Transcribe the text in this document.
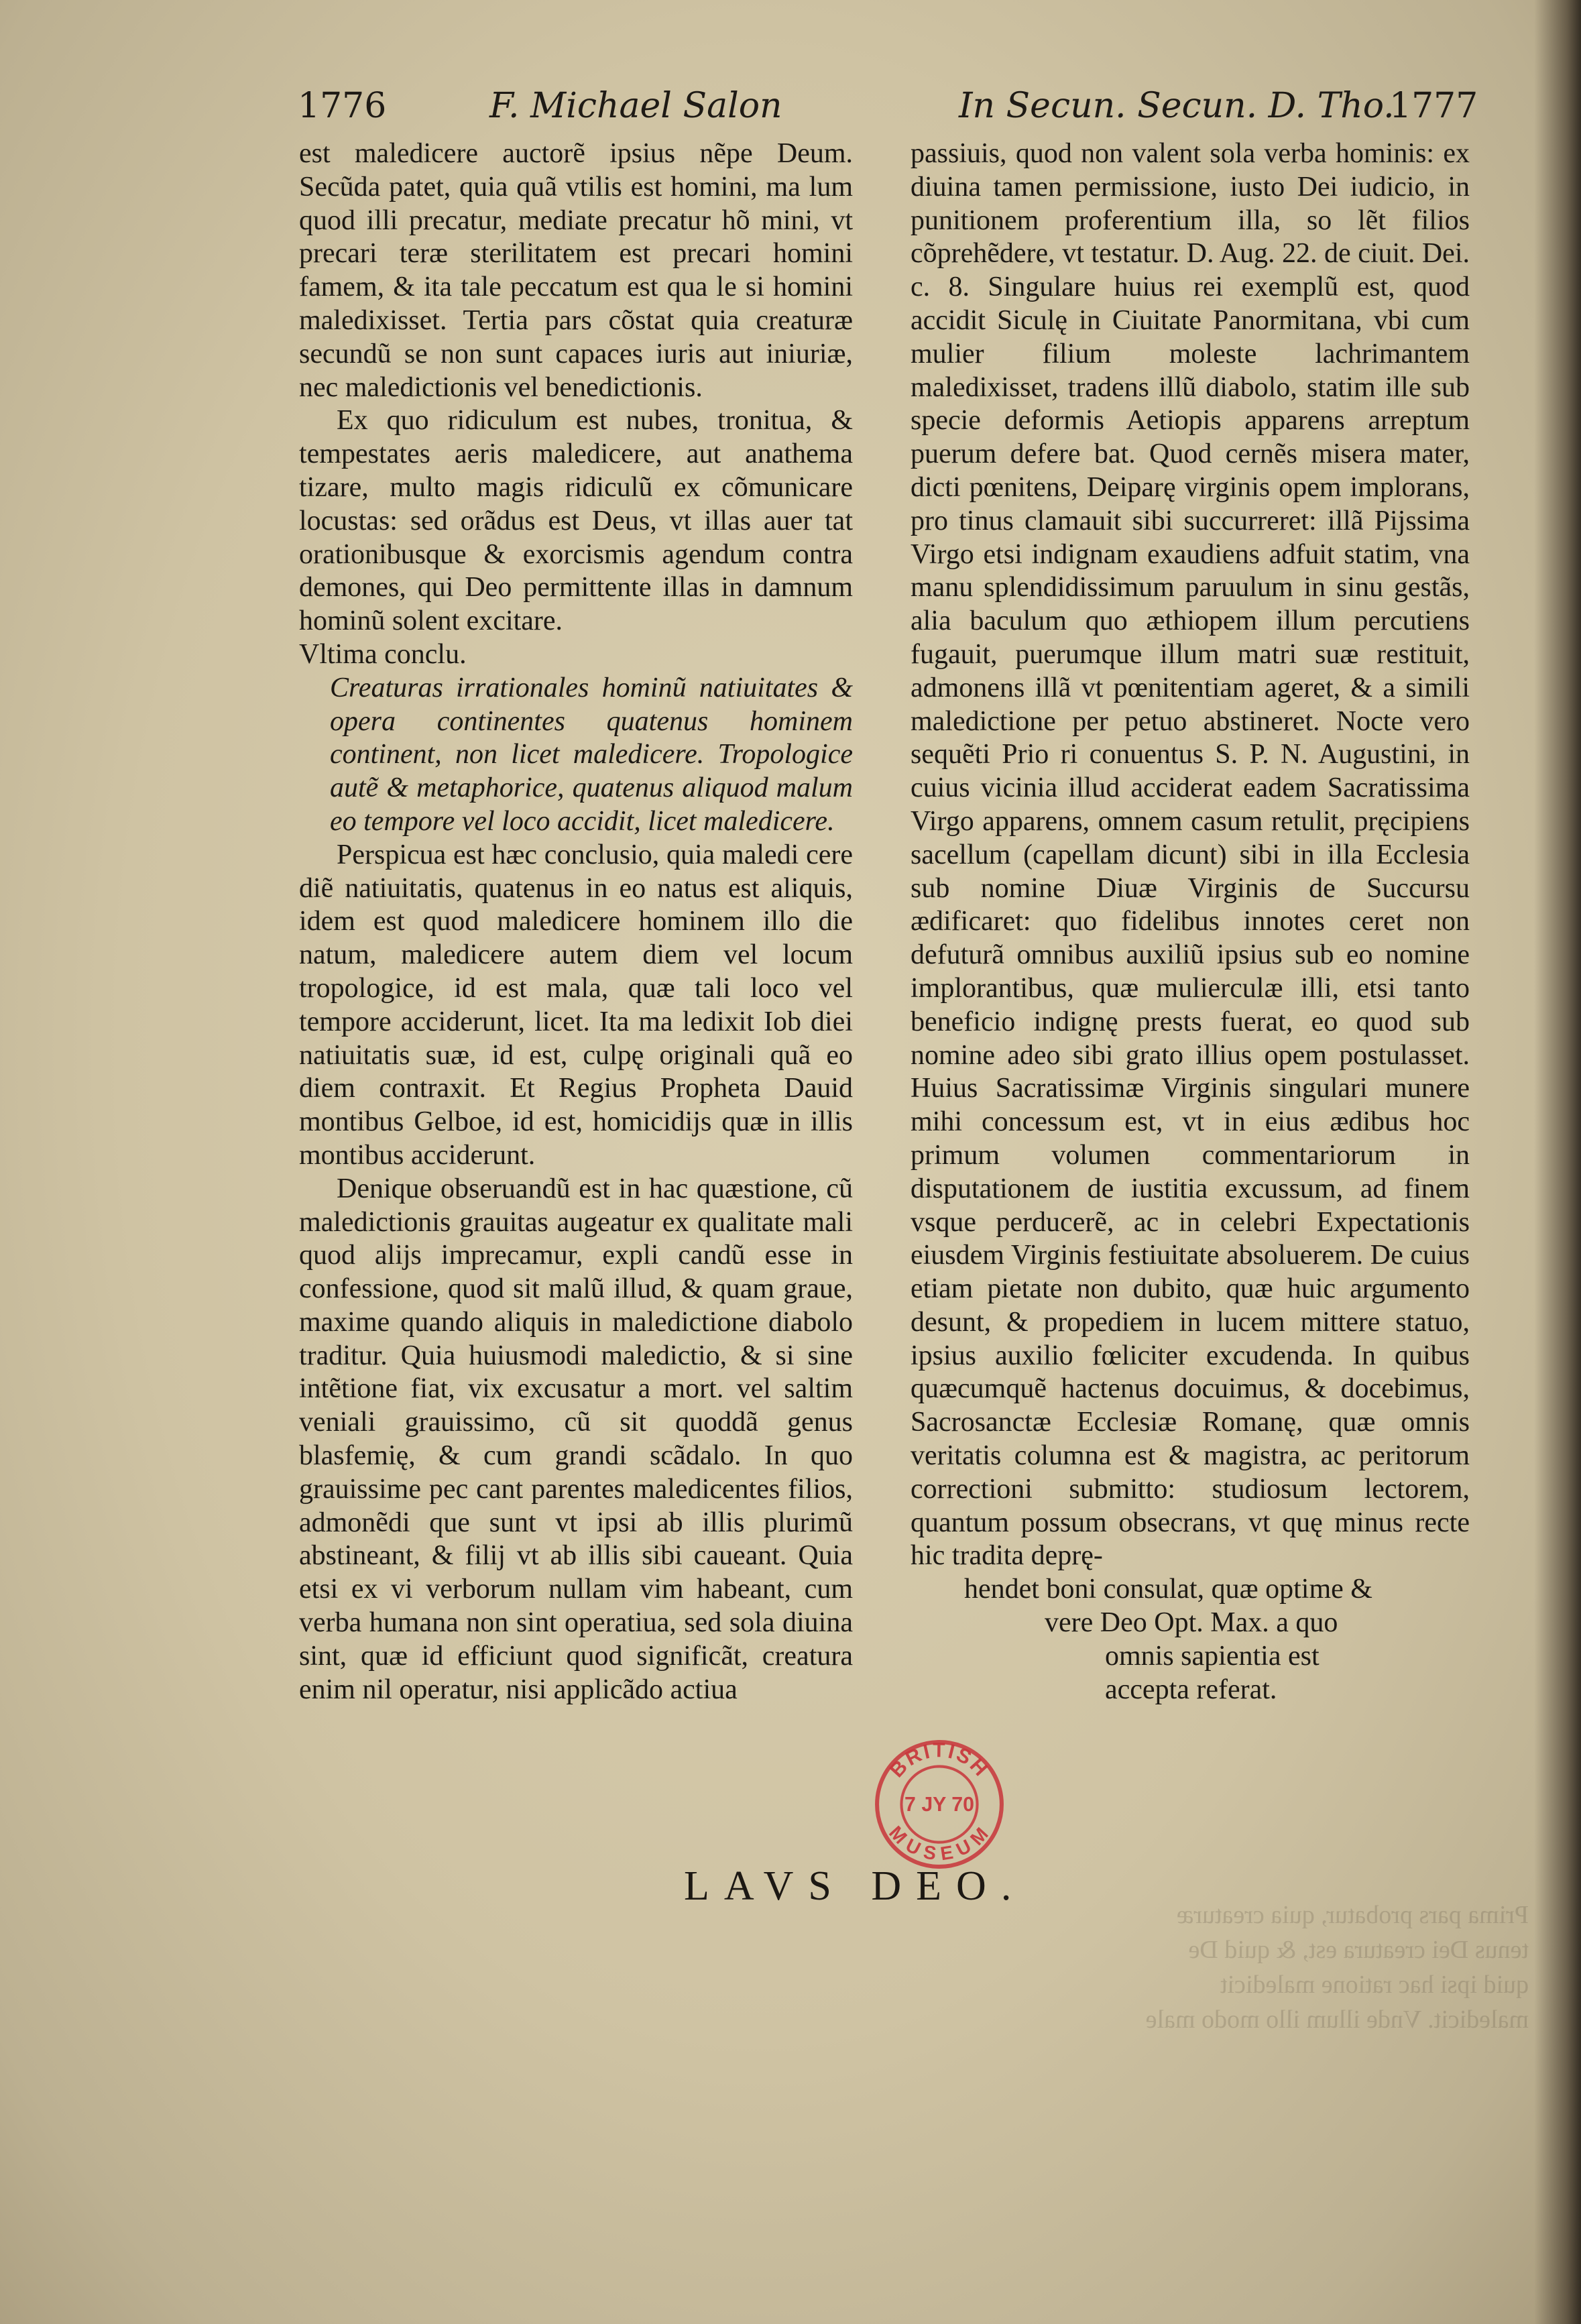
1776	F. Michael Salon	In Secun. Secun. D. Tho.
1777

est maledicere auctorẽ ipsius nẽpe Deum. Secũda patet, quia quã vtilis est homini, ma lum quod illi precatur, mediate precatur hõ mini, vt precari teræ sterilitatem est precari homini famem, & ita tale peccatum est qua le si homini maledixisset. Tertia pars cõstat quia creaturæ secundũ se non sunt capaces iuris aut iniuriæ, nec maledictionis vel benedictionis.

Ex quo ridiculum est nubes, tronitua, & tempestates aeris maledicere, aut anathema tizare, multo magis ridiculũ ex cõmunicare locustas: sed orãdus est Deus, vt illas auer tat orationibusque & exorcismis agendum contra demones, qui Deo permittente illas in damnum hominũ solent excitare.

Vltima conclu.

Creaturas irrationales hominũ natiuitates & opera continentes quatenus hominem continent, non licet maledicere. Tropologice autẽ & metaphorice, quatenus aliquod malum eo tempore vel loco accidit, licet maledicere.

Perspicua est hæc conclusio, quia maledi cere diẽ natiuitatis, quatenus in eo natus est aliquis, idem est quod maledicere hominem illo die natum, maledicere autem diem vel locum tropologice, id est mala, quæ tali loco vel tempore acciderunt, licet. Ita ma ledixit Iob diei natiuitatis suæ, id est, culpę originali quã eo diem contraxit. Et Regius Propheta Dauid montibus Gelboe, id est, homicidijs quæ in illis montibus acciderunt.

Denique obseruandũ est in hac quæstione, cũ maledictionis grauitas augeatur ex qualitate mali quod alijs imprecamur, expli candũ esse in confessione, quod sit malũ illud, & quam graue, maxime quando aliquis in maledictione diabolo traditur. Quia huiusmodi maledictio, & si sine intẽtione fiat, vix excusatur a mort. vel saltim veniali grauissimo, cũ sit quoddã genus blasfemię, & cum grandi scãdalo. In quo grauissime pec cant parentes maledicentes filios, admonẽdi que sunt vt ipsi ab illis plurimũ abstineant, & filij vt ab illis sibi caueant. Quia etsi ex vi verborum nullam vim habeant, cum verba humana non sint operatiua, sed sola diuina sint, quæ id efficiunt quod significãt, creatura enim nil operatur, nisi applicãdo actiua

passiuis, quod non valent sola verba hominis: ex diuina tamen permissione, iusto Dei iudicio, in punitionem proferentium illa, so lẽt filios cõprehẽdere, vt testatur. D. Aug. 22. de ciuit. Dei. c. 8. Singulare huius rei exemplũ est, quod accidit Siculę in Ciuitate Panormitana, vbi cum mulier filium moleste lachrimantem maledixisset, tradens illũ diabolo, statim ille sub specie deformis Aetiopis apparens arreptum puerum defere bat. Quod cernẽs misera mater, dicti pœnitens, Deiparę virginis opem implorans, pro tinus clamauit sibi succurreret: illã Pijssima Virgo etsi indignam exaudiens adfuit statim, vna manu splendidissimum paruulum in sinu gestãs, alia baculum quo æthiopem illum percutiens fugauit, puerumque illum matri suæ restituit, admonens illã vt pœnitentiam ageret, & a simili maledictione per petuo abstineret. Nocte vero sequẽti Prio ri conuentus S. P. N. Augustini, in cuius vicinia illud acciderat eadem Sacratissima Virgo apparens, omnem casum retulit, pręcipiens sacellum (capellam dicunt) sibi in illa Ecclesia sub nomine Diuæ Virginis de Succursu ædificaret: quo fidelibus innotes ceret non defuturã omnibus auxiliũ ipsius sub eo nomine implorantibus, quæ mulierculæ illi, etsi tanto beneficio indignę prests fuerat, eo quod sub nomine adeo sibi grato illius opem postulasset. Huius Sacratissimæ Virginis singulari munere mihi concessum est, vt in eius ædibus hoc primum volumen commentariorum in disputationem de iustitia excussum, ad finem vsque perducerẽ, ac in celebri Expectationis eiusdem Virginis festiuitate absoluerem. De cuius etiam pietate non dubito, quæ huic argumento desunt, & propediem in lucem mittere statuo, ipsius auxilio fœliciter excudenda. In quibus quæcumquẽ hactenus docuimus, & docebimus, Sacrosanctæ Ecclesiæ Romanę, quæ omnis veritatis columna est & magistra, ac peritorum correctioni submitto: studiosum lectorem, quantum possum obsecrans, vt quę minus recte hic tradita deprę-

hendet boni consulat, quæ optime &

vere Deo Opt. Max. a quo

omnis sapientia est accepta referat.

LAVS DEO.
Prima pars probatur, quia creaturæ
tenus Dei creatura est, & quid De
quid ipsi hac ratione maledicit
maledicit. Vnde illum illo modo male
BRITISH
MUSEUM
7 JY 70
